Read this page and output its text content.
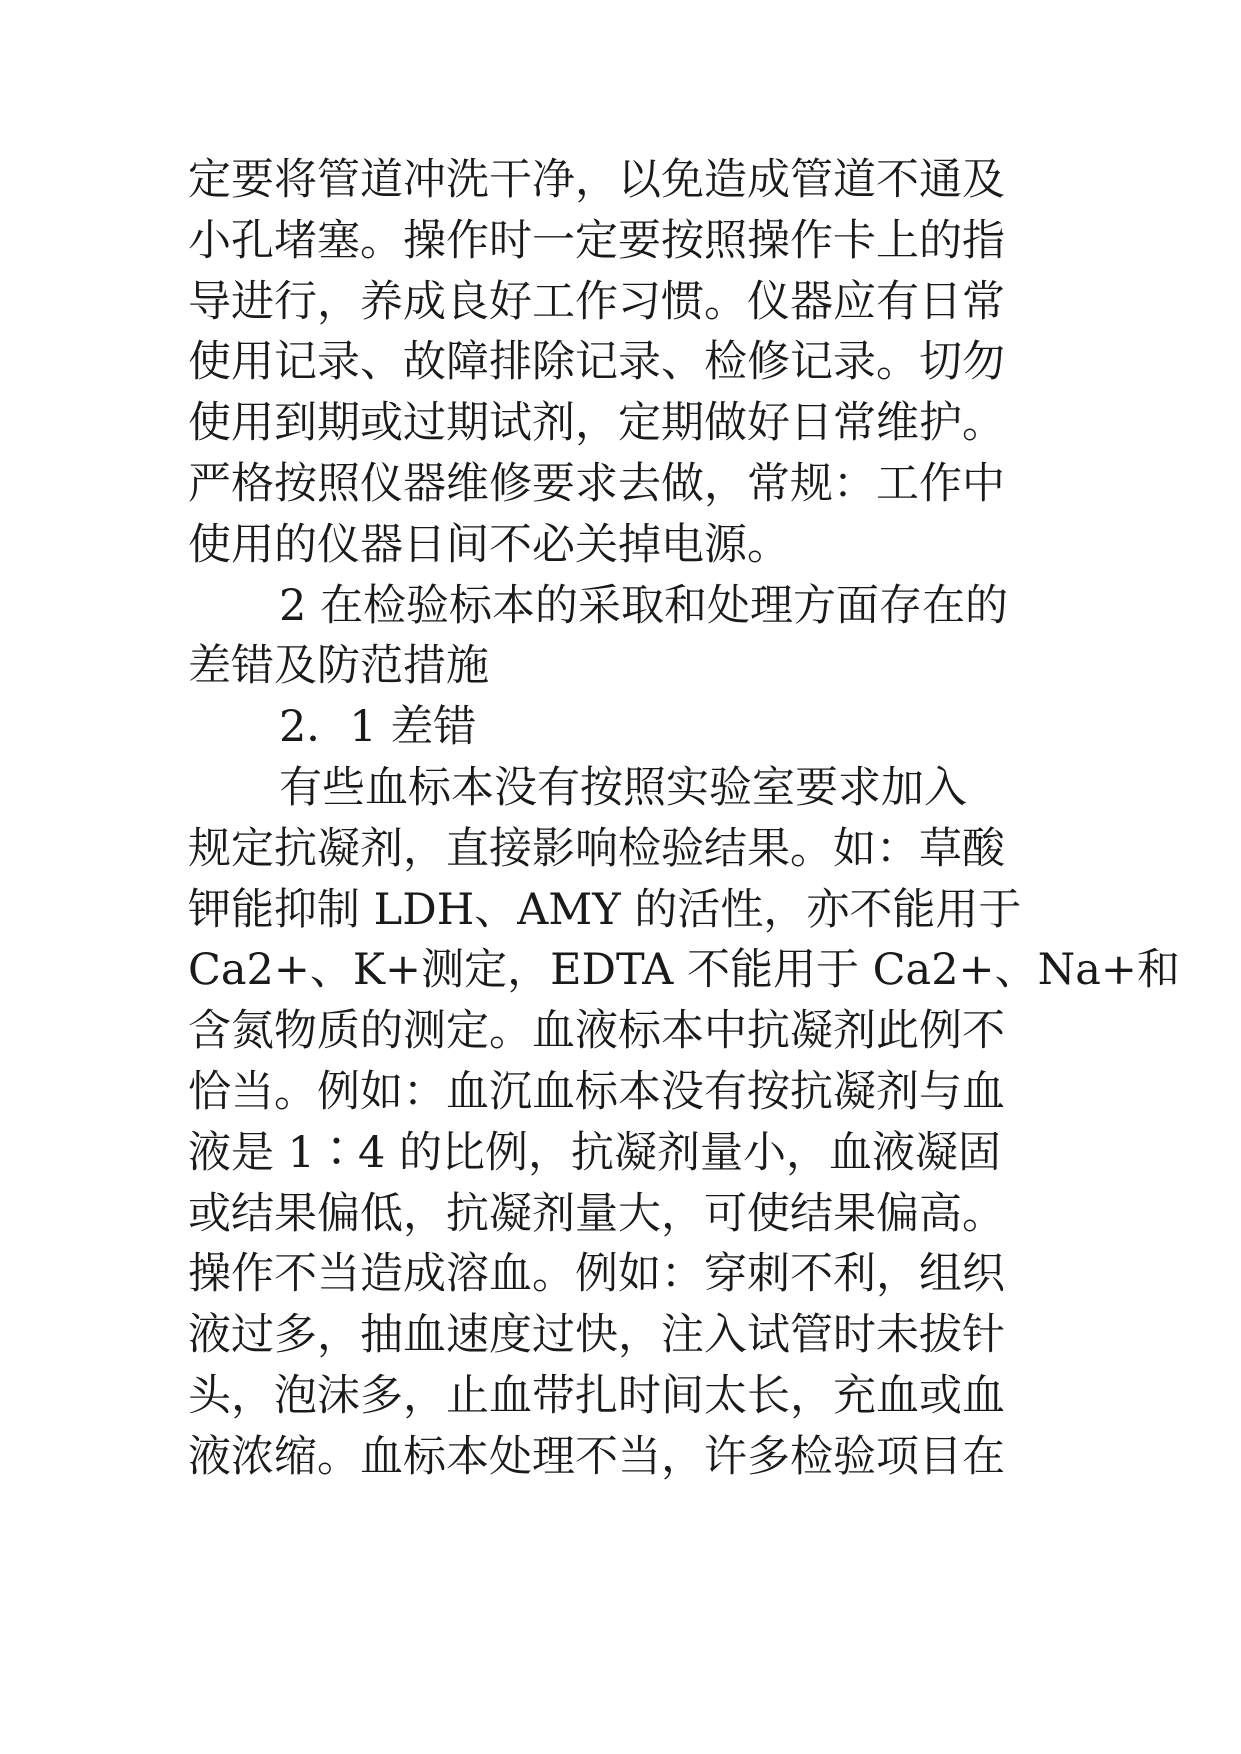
定要将管道冲洗干净，以免造成管道不通及
小孔堵塞。操作时一定要按照操作卡上的指
导进行，养成良好工作习惯。仪器应有日常
使用记录、故障排除记录、检修记录。切勿
使用到期或过期试剂，定期做好日常维护。
严格按照仪器维修要求去做，常规：工作中
使用的仪器日间不必关掉电源。
2 在检验标本的采取和处理方面存在的
差错及防范措施
2．1 差错
有些血标本没有按照实验室要求加入
规定抗凝剂，直接影响检验结果。如：草酸
钾能抑制 LDH、AMY 的活性，亦不能用于
Ca2+、K+测定，EDTA 不能用于 Ca2+、Na+和
含氮物质的测定。血液标本中抗凝剂此例不
恰当。例如：血沉血标本没有按抗凝剂与血
液是 1∶4 的比例，抗凝剂量小，血液凝固
或结果偏低，抗凝剂量大，可使结果偏高。
操作不当造成溶血。例如：穿刺不利，组织
液过多，抽血速度过快，注入试管时未拔针
头，泡沫多，止血带扎时间太长，充血或血
液浓缩。血标本处理不当，许多检验项目在
